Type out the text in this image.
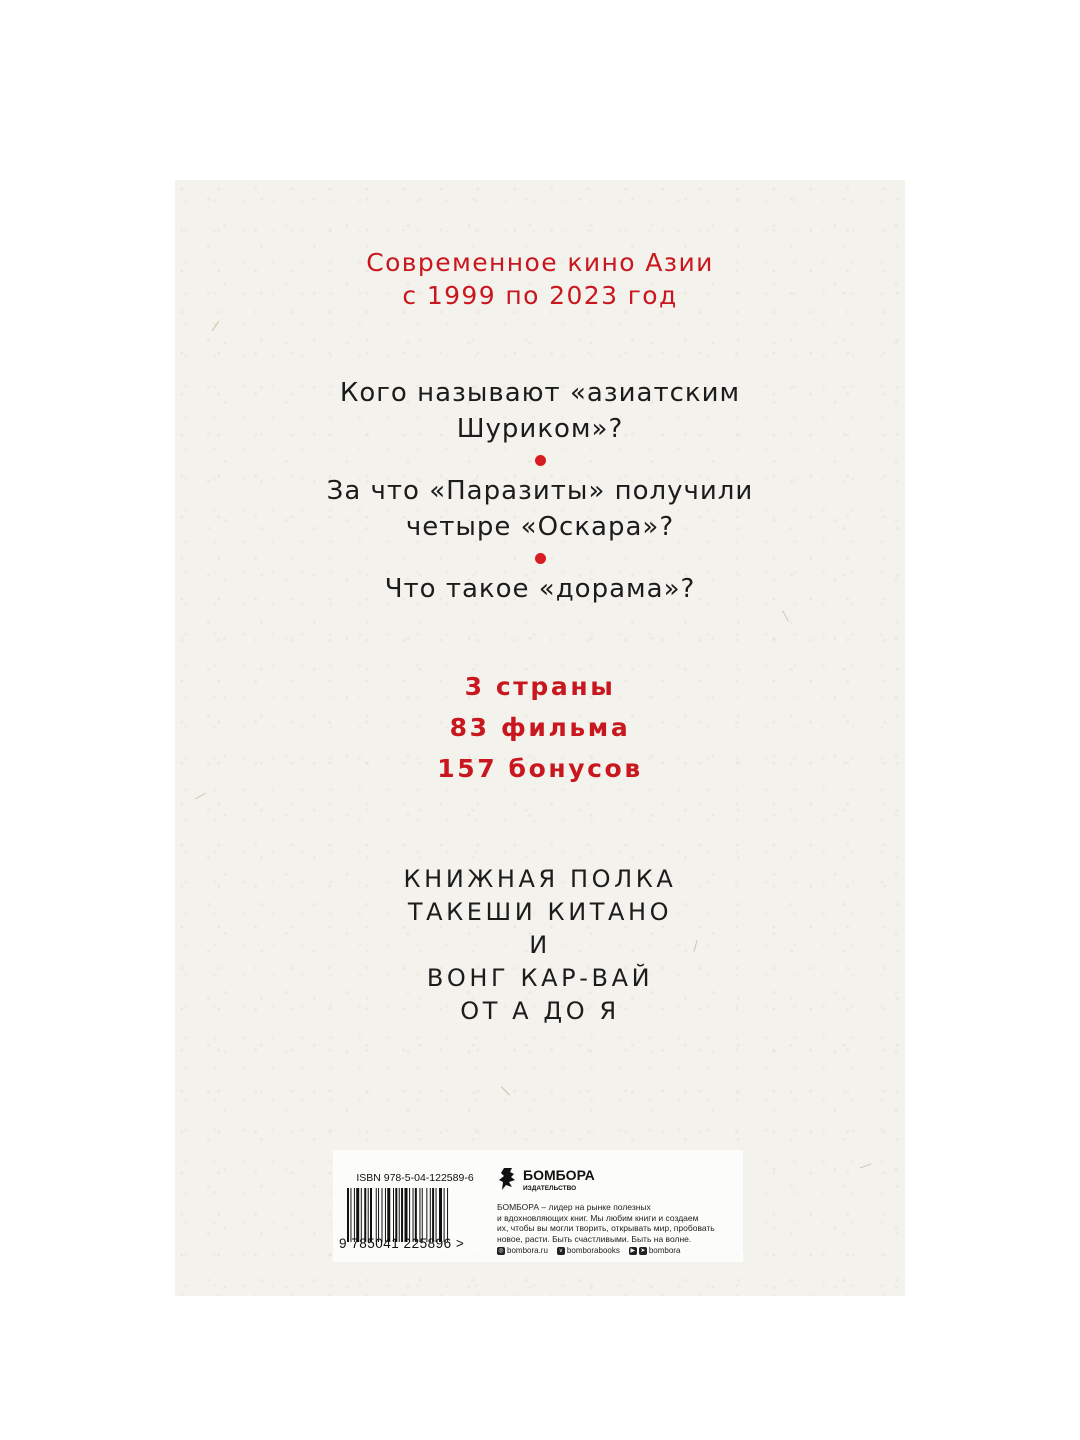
Современное кино Азии
с 1999 по 2023 год
Кого называют «азиатским
Шуриком»?
За что «Паразиты» получили
четыре «Оскара»?
Что такое «дорама»?
3 страны
83 фильма
157 бонусов
КНИЖНАЯ ПОЛКА
ТАКЕШИ КИТАНО
И
ВОНГ КАР-ВАЙ
ОТ А ДО Я
ISBN 978-5-04-122589-6
9 785041 225896 >
БОМБОРА
ИЗДАТЕЛЬСТВО
БОМБОРА – лидер на рынке полезных
и вдохновляющих книг. Мы любим книги и создаем
их, чтобы вы могли творить, открывать мир, пробовать
новое, расти. Быть счастливыми. Быть на волне.
◎ bombora.ru	v bomborabooks ▶ ➤ bombora
